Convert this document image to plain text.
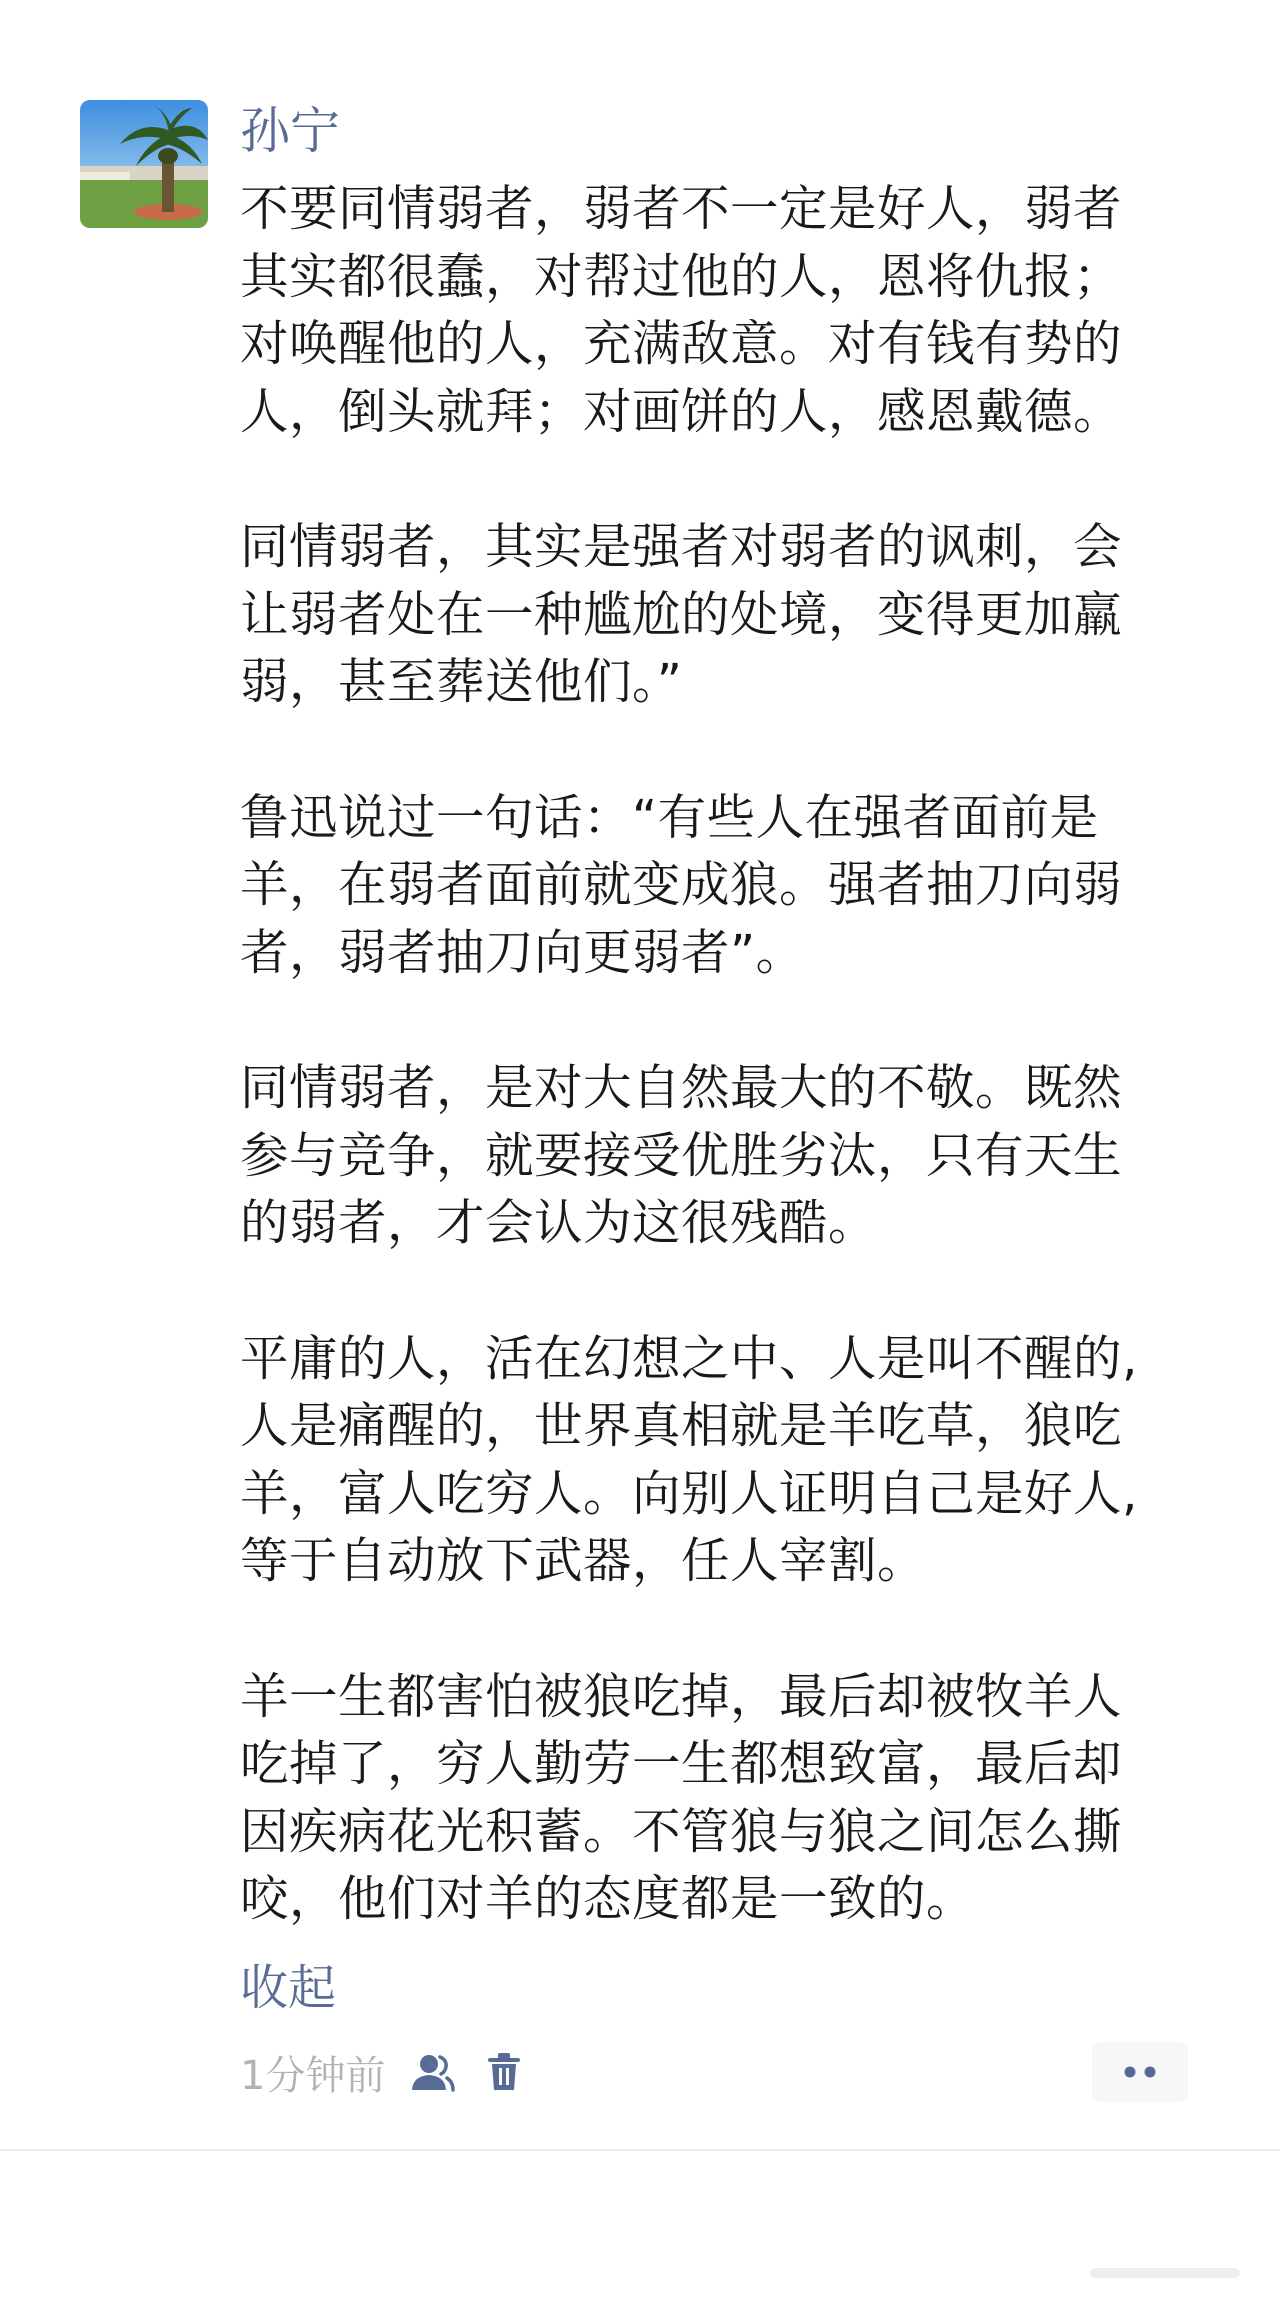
孙宁

不要同情弱者，弱者不一定是好人，弱者
其实都很蠢，对帮过他的人，恩将仇报；
对唤醒他的人，充满敌意。对有钱有势的
人，倒头就拜；对画饼的人，感恩戴德。

同情弱者，其实是强者对弱者的讽刺，会
让弱者处在一种尴尬的处境，变得更加羸
弱，甚至葬送他们。”

鲁迅说过一句话：“有些人在强者面前是
羊，在弱者面前就变成狼。强者抽刀向弱
者，弱者抽刀向更弱者”。

同情弱者，是对大自然最大的不敬。既然
参与竞争，就要接受优胜劣汰，只有天生
的弱者，才会认为这很残酷。

平庸的人，活在幻想之中、人是叫不醒的,
人是痛醒的，世界真相就是羊吃草，狼吃
羊，富人吃穷人。向别人证明自己是好人,
等于自动放下武器，任人宰割。

羊一生都害怕被狼吃掉，最后却被牧羊人
吃掉了，穷人勤劳一生都想致富，最后却
因疾病花光积蓄。不管狼与狼之间怎么撕
咬，他们对羊的态度都是一致的。

收起
1分钟前
